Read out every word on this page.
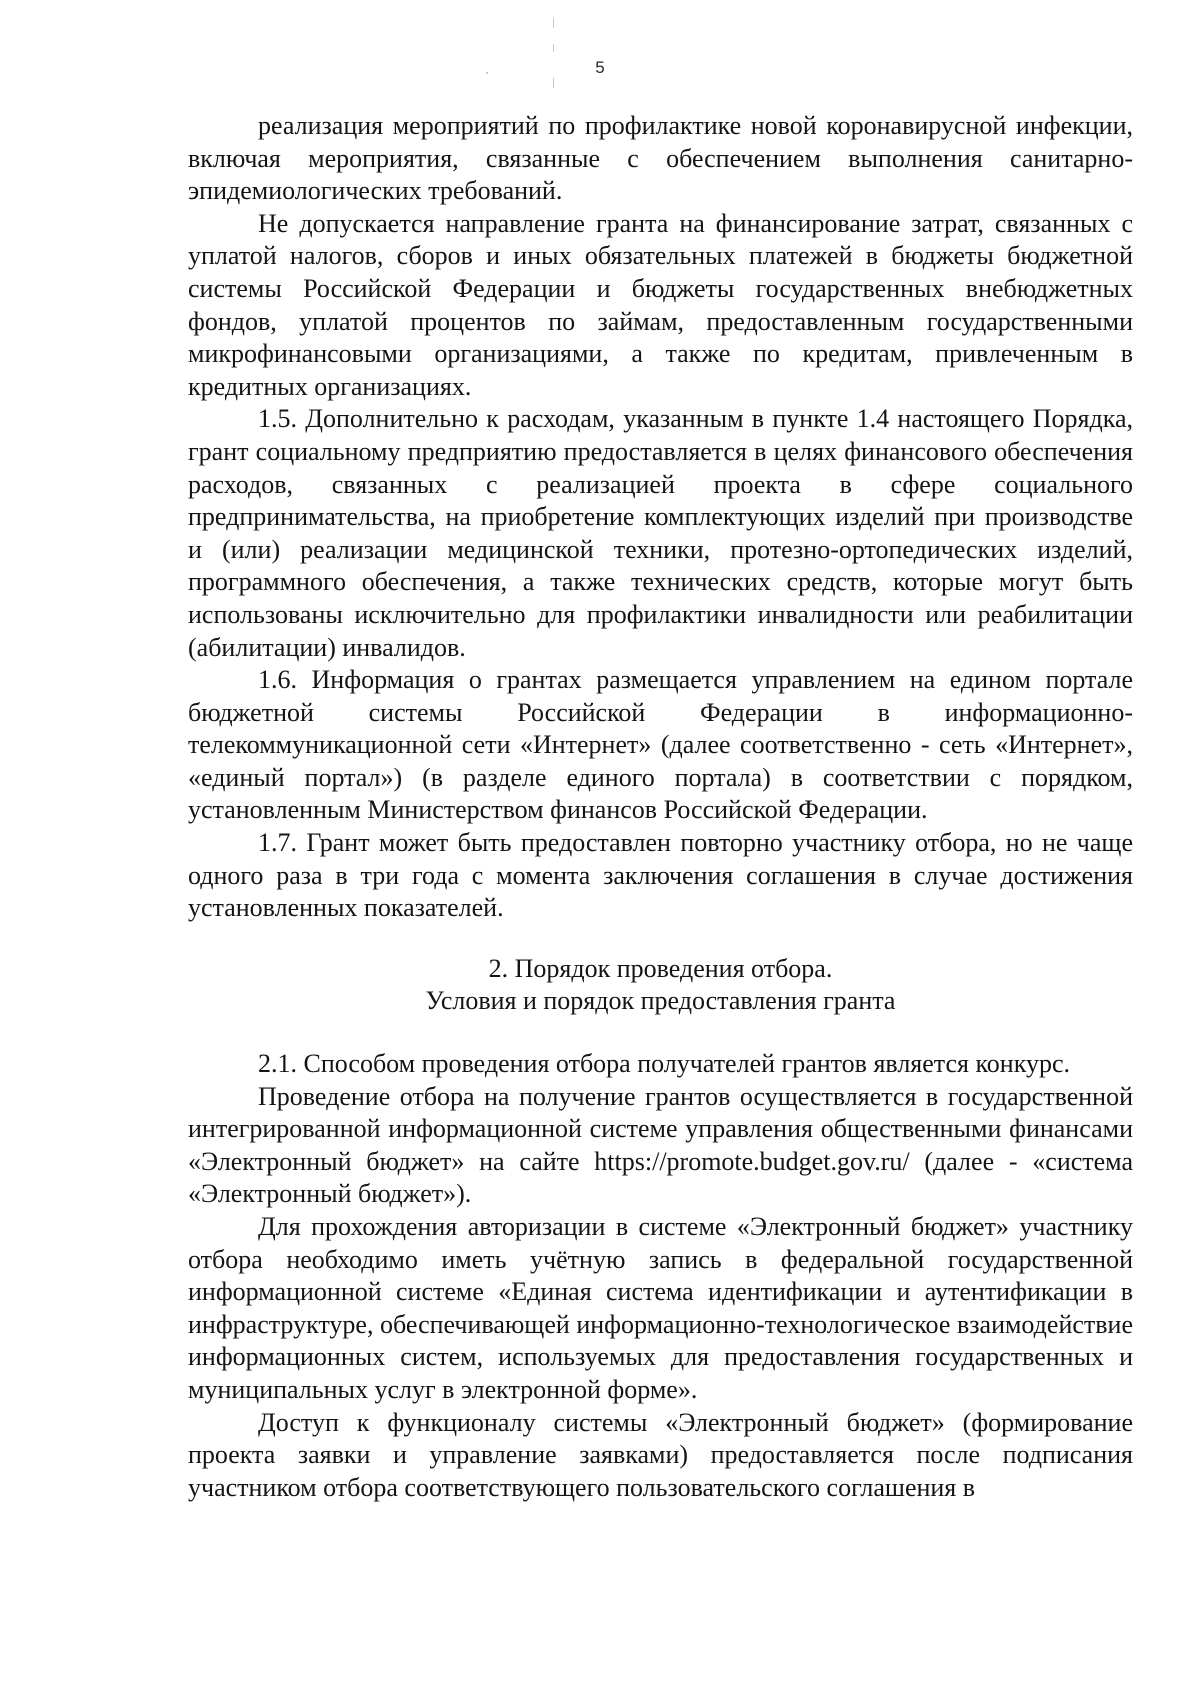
5

реализация мероприятий по профилактике новой коронавирусной инфекции, включая мероприятия, связанные с обеспечением выполнения санитарно-эпидемиологических требований.

Не допускается направление гранта на финансирование затрат, связанных с уплатой налогов, сборов и иных обязательных платежей в бюджеты бюджетной системы Российской Федерации и бюджеты государственных внебюджетных фондов, уплатой процентов по займам, предоставленным государственными микрофинансовыми организациями, а также по кредитам, привлеченным в кредитных организациях.

1.5. Дополнительно к расходам, указанным в пункте 1.4 настоящего Порядка, грант социальному предприятию предоставляется в целях финансового обеспечения расходов, связанных с реализацией проекта в сфере социального предпринимательства, на приобретение комплектующих изделий при производстве и (или) реализации медицинской техники, протезно-ортопедических изделий, программного обеспечения, а также технических средств, которые могут быть использованы исключительно для профилактики инвалидности или реабилитации (абилитации) инвалидов.

1.6. Информация о грантах размещается управлением на едином портале бюджетной системы Российской Федерации в информационно-телекоммуникационной сети «Интернет» (далее соответственно - сеть «Интернет», «единый портал») (в разделе единого портала) в соответствии с порядком, установленным Министерством финансов Российской Федерации.

1.7. Грант может быть предоставлен повторно участнику отбора, но не чаще одного раза в три года с момента заключения соглашения в случае достижения установленных показателей.

2. Порядок проведения отбора.

Условия и порядок предоставления гранта

2.1. Способом проведения отбора получателей грантов является конкурс.

Проведение отбора на получение грантов осуществляется в государственной интегрированной информационной системе управления общественными финансами «Электронный бюджет» на сайте https://promote.budget.gov.ru/ (далее - «система «Электронный бюджет»).

Для прохождения авторизации в системе «Электронный бюджет» участнику отбора необходимо иметь учётную запись в федеральной государственной информационной системе «Единая система идентификации и аутентификации в инфраструктуре, обеспечивающей информационно-технологическое взаимодействие информационных систем, используемых для предоставления государственных и муниципальных услуг в электронной форме».

Доступ к функционалу системы «Электронный бюджет» (формирование проекта заявки и управление заявками) предоставляется после подписания участником отбора соответствующего пользовательского соглашения в
